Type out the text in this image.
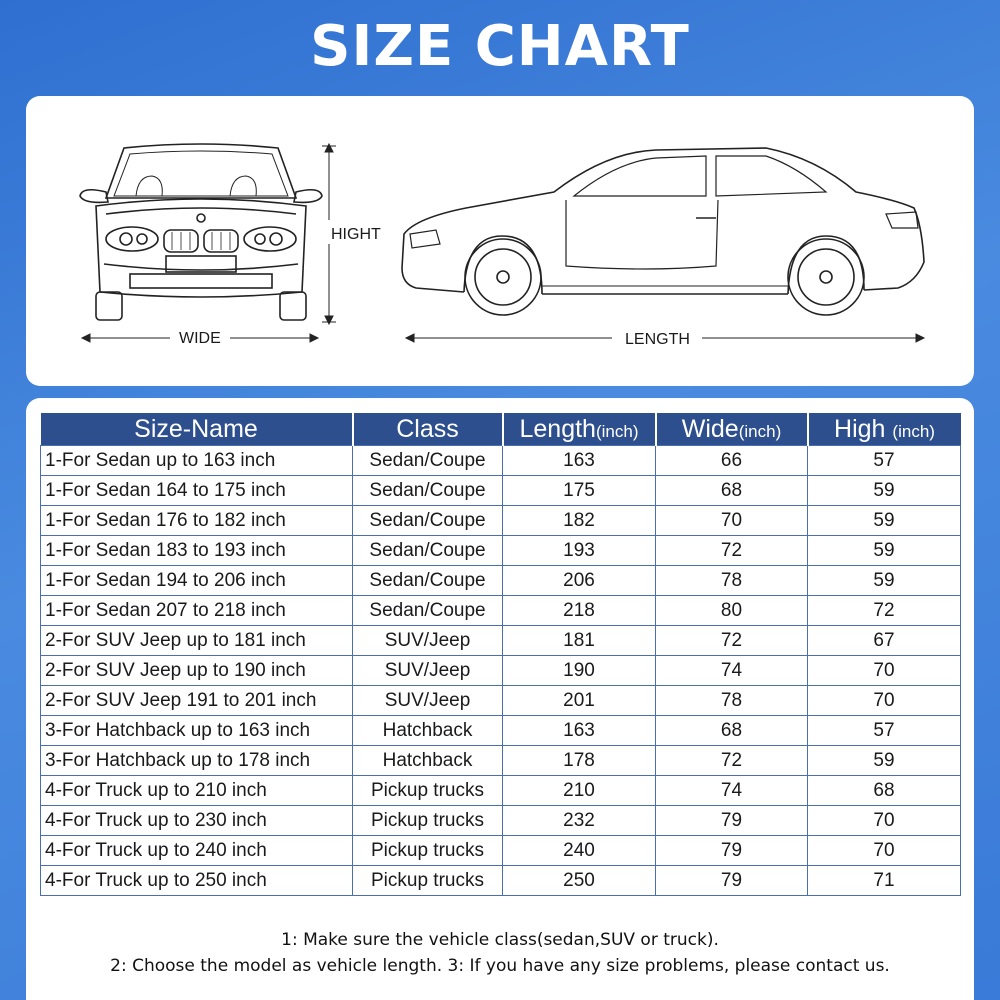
SIZE CHART
HIGHT
WIDE	LENGTH
Size-Name	Class	Length(inch)	Wide(inch)	High (inch)
1-For Sedan up to 163 inch	Sedan/Coupe	163	66	57
1-For Sedan 164 to 175 inch	Sedan/Coupe	175	68	59
1-For Sedan 176 to 182 inch	Sedan/Coupe	182	70	59
1-For Sedan 183 to 193 inch	Sedan/Coupe	193	72	59
1-For Sedan 194 to 206 inch	Sedan/Coupe	206	78	59
1-For Sedan 207 to 218 inch	Sedan/Coupe	218	80	72
2-For SUV Jeep up to 181 inch	SUV/Jeep	181	72	67
2-For SUV Jeep up to 190 inch	SUV/Jeep	190	74	70
2-For SUV Jeep 191 to 201 inch	SUV/Jeep	201	78	70
3-For Hatchback up to 163 inch	Hatchback	163	68	57
3-For Hatchback up to 178 inch	Hatchback	178	72	59
4-For Truck up to 210 inch	Pickup trucks	210	74	68
4-For Truck up to 230 inch	Pickup trucks	232	79	70
4-For Truck up to 240 inch	Pickup trucks	240	79	70
4-For Truck up to 250 inch	Pickup trucks	250	79	71
1: Make sure the vehicle class(sedan,SUV or truck).
2: Choose the model as vehicle length. 3: If you have any size problems, please contact us.
